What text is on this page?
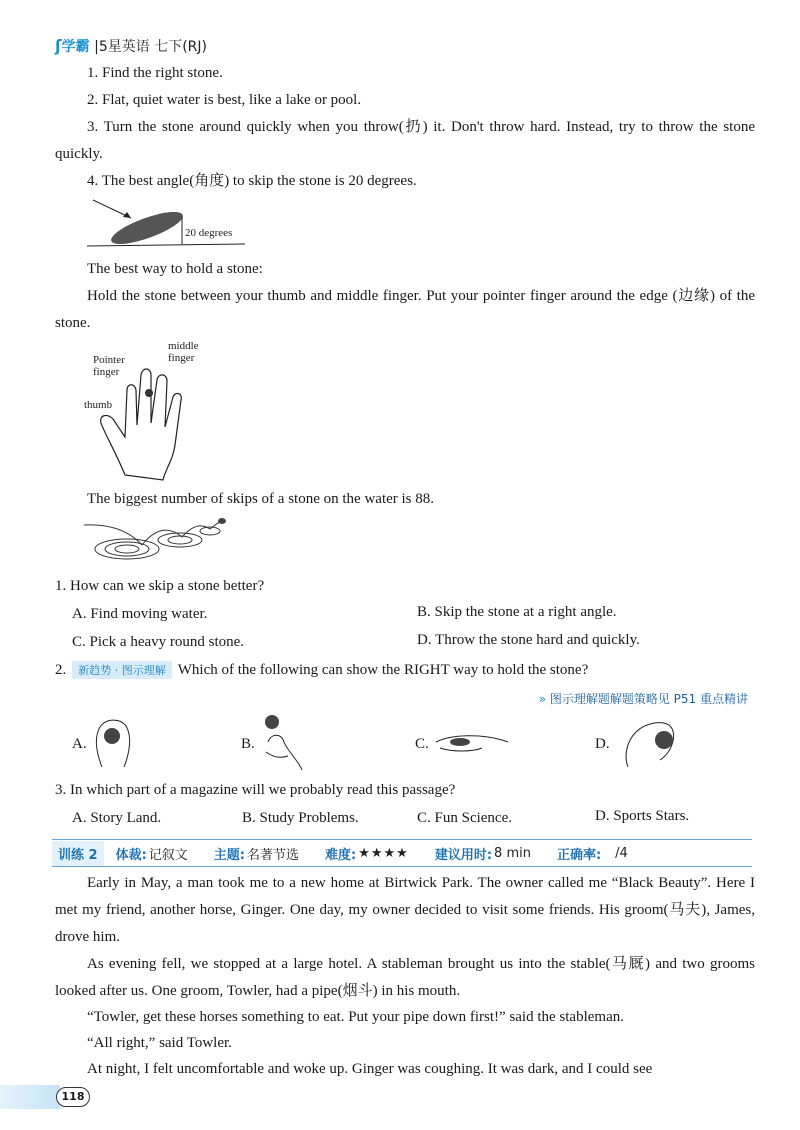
ʃ学霸 |5星英语 七下(RJ)
1. Find the right stone.
2. Flat, quiet water is best, like a lake or pool.
3. Turn the stone around quickly when you throw(扔) it. Don't throw hard. Instead, try to throw the stone quickly.
4. The best angle(角度) to skip the stone is 20 degrees.
20 degrees
The best way to hold a stone:
Hold the stone between your thumb and middle finger. Put your pointer finger around the edge (边缘) of the stone.
middle finger
Pointer finger
thumb
The biggest number of skips of a stone on the water is 88.
1. How can we skip a stone better?
A. Find moving water.	B. Skip the stone at a right angle.
C. Pick a heavy round stone.	D. Throw the stone hard and quickly.
2. 新趋势 · 图示理解 Which of the following can show the RIGHT way to hold the stone?
» 图示理解题解题策略见 P51 重点精讲
A.	B.	C.	D.
3. In which part of a magazine will we probably read this passage?
A. Story Land.	B. Study Problems.	C. Fun Science.	D. Sports Stars.
训练 2	体裁: 记叙文 主题: 名著节选 难度: ★★★★ 建议用时: 8 min 正确率: /4
Early in May, a man took me to a new home at Birtwick Park. The owner called me “Black Beauty”. Here I met my friend, another horse, Ginger. One day, my owner decided to visit some friends. His groom(马夫), James, drove him.
As evening fell, we stopped at a large hotel. A stableman brought us into the stable(马厩) and two grooms looked after us. One groom, Towler, had a pipe(烟斗) in his mouth.
“Towler, get these horses something to eat. Put your pipe down first!” said the stableman.
“All right,” said Towler.
At night, I felt uncomfortable and woke up. Ginger was coughing. It was dark, and I could see
118
